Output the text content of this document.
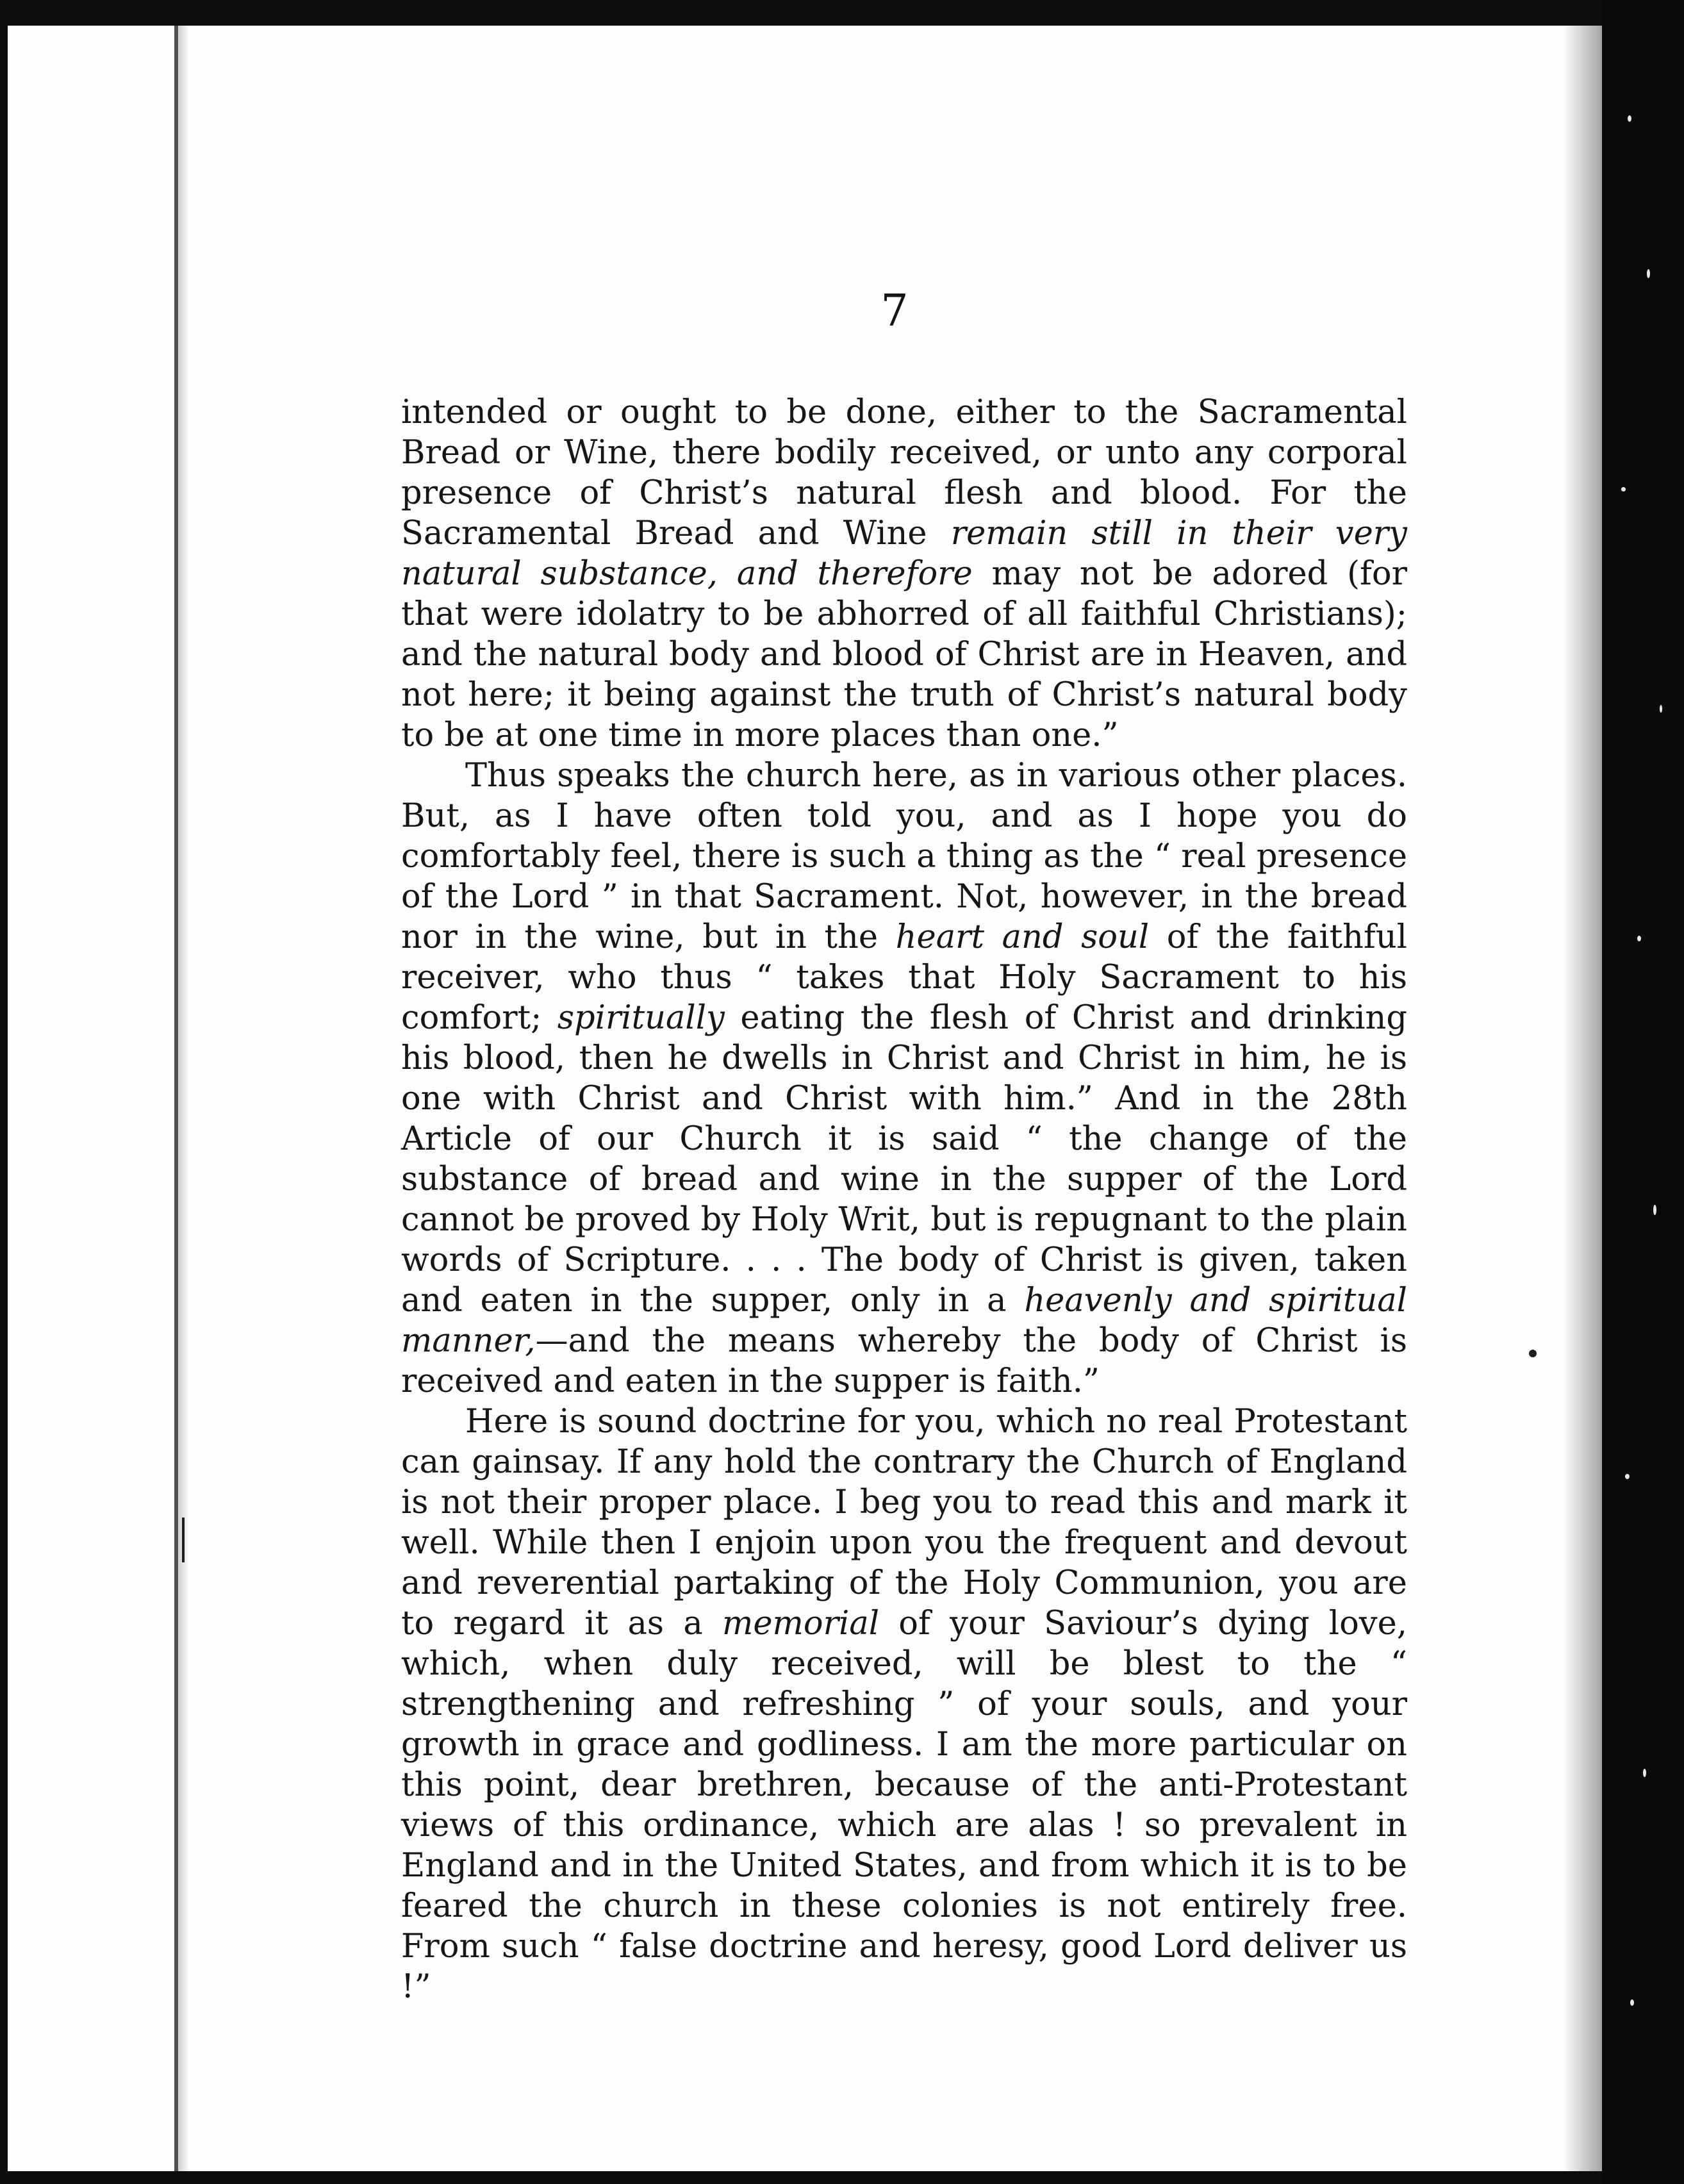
7

intended or ought to be done, either to the Sacramental Bread or Wine, there bodily received, or unto any corporal presence of Christ’s natural flesh and blood. For the Sacramental Bread and Wine remain still in their very natural substance, and therefore may not be adored (for that were idolatry to be abhorred of all faithful Christians); and the natural body and blood of Christ are in Heaven, and not here; it being against the truth of Christ’s natural body to be at one time in more places than one.”

Thus speaks the church here, as in various other places. But, as I have often told you, and as I hope you do comfortably feel, there is such a thing as the “ real presence of the Lord ” in that Sacrament. Not, however, in the bread nor in the wine, but in the heart and soul of the faithful receiver, who thus “ takes that Holy Sacrament to his comfort; spiritually eating the flesh of Christ and drinking his blood, then he dwells in Christ and Christ in him, he is one with Christ and Christ with him.” And in the 28th Article of our Church it is said “ the change of the substance of bread and wine in the supper of the Lord cannot be proved by Holy Writ, but is repugnant to the plain words of Scripture. . . . The body of Christ is given, taken and eaten in the supper, only in a heavenly and spiritual manner,—and the means whereby the body of Christ is received and eaten in the supper is faith.”

Here is sound doctrine for you, which no real Protestant can gainsay. If any hold the contrary the Church of England is not their proper place. I beg you to read this and mark it well. While then I enjoin upon you the frequent and devout and reverential partaking of the Holy Communion, you are to regard it as a memorial of your Saviour’s dying love, which, when duly received, will be blest to the “ strengthening and refreshing ” of your souls, and your growth in grace and godliness. I am the more particular on this point, dear brethren, because of the anti-Protestant views of this ordinance, which are alas ! so prevalent in England and in the United States, and from which it is to be feared the church in these colonies is not entirely free. From such “ false doctrine and heresy, good Lord deliver us !”
